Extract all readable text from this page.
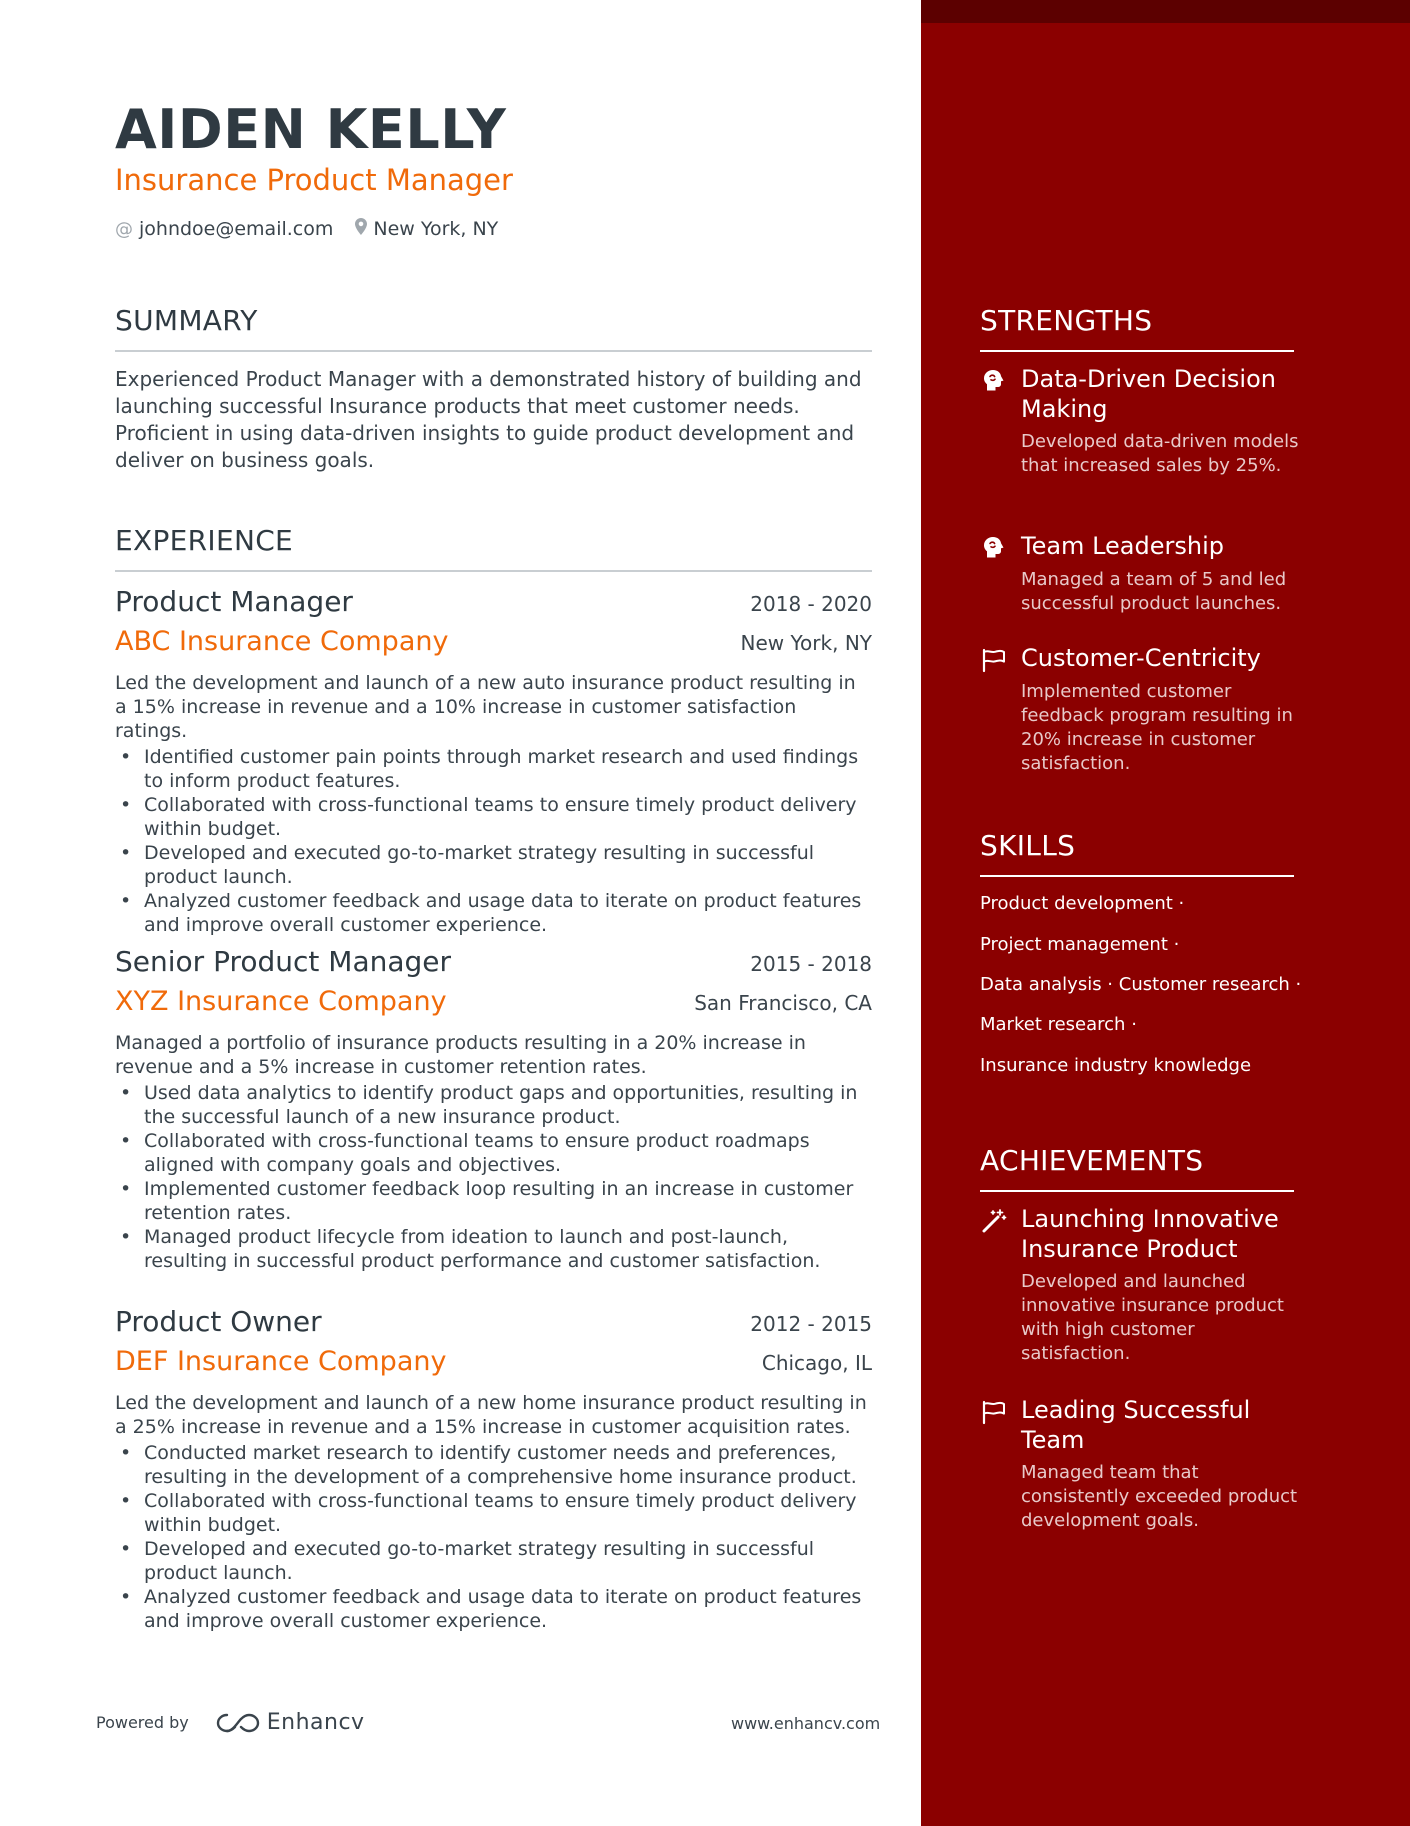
AIDEN KELLY
Insurance Product Manager
@ johndoe@email.com New York, NY
SUMMARY
Experienced Product Manager with a demonstrated history of building and launching successful Insurance products that meet customer needs. Proficient in using data-driven insights to guide product development and deliver on business goals.
EXPERIENCE
Product Manager	2018 - 2020
ABC Insurance Company	New York, NY
Led the development and launch of a new auto insurance product resulting in a 15% increase in revenue and a 10% increase in customer satisfaction ratings.
• Identified customer pain points through market research and used findings to inform product features.
• Collaborated with cross-functional teams to ensure timely product delivery within budget.
• Developed and executed go-to-market strategy resulting in successful product launch.
• Analyzed customer feedback and usage data to iterate on product features and improve overall customer experience.
Senior Product Manager	2015 - 2018
XYZ Insurance Company	San Francisco, CA
Managed a portfolio of insurance products resulting in a 20% increase in revenue and a 5% increase in customer retention rates.
• Used data analytics to identify product gaps and opportunities, resulting in the successful launch of a new insurance product.
• Collaborated with cross-functional teams to ensure product roadmaps aligned with company goals and objectives.
• Implemented customer feedback loop resulting in an increase in customer retention rates.
• Managed product lifecycle from ideation to launch and post-launch, resulting in successful product performance and customer satisfaction.
Product Owner	2012 - 2015
DEF Insurance Company	Chicago, IL
Led the development and launch of a new home insurance product resulting in a 25% increase in revenue and a 15% increase in customer acquisition rates.
• Conducted market research to identify customer needs and preferences, resulting in the development of a comprehensive home insurance product.
• Collaborated with cross-functional teams to ensure timely product delivery within budget.
• Developed and executed go-to-market strategy resulting in successful product launch.
• Analyzed customer feedback and usage data to iterate on product features and improve overall customer experience.
Powered by	Enhancv	www.enhancv.com
STRENGTHS
Data-Driven Decision Making
Developed data-driven models that increased sales by 25%.
Team Leadership
Managed a team of 5 and led successful product launches.
Customer-Centricity
Implemented customer feedback program resulting in 20% increase in customer satisfaction.
SKILLS
Product development ·
Project management ·
Data analysis · Customer research ·
Market research ·
Insurance industry knowledge
ACHIEVEMENTS
Launching Innovative Insurance Product
Developed and launched innovative insurance product with high customer satisfaction.
Leading Successful Team
Managed team that consistently exceeded product development goals.
